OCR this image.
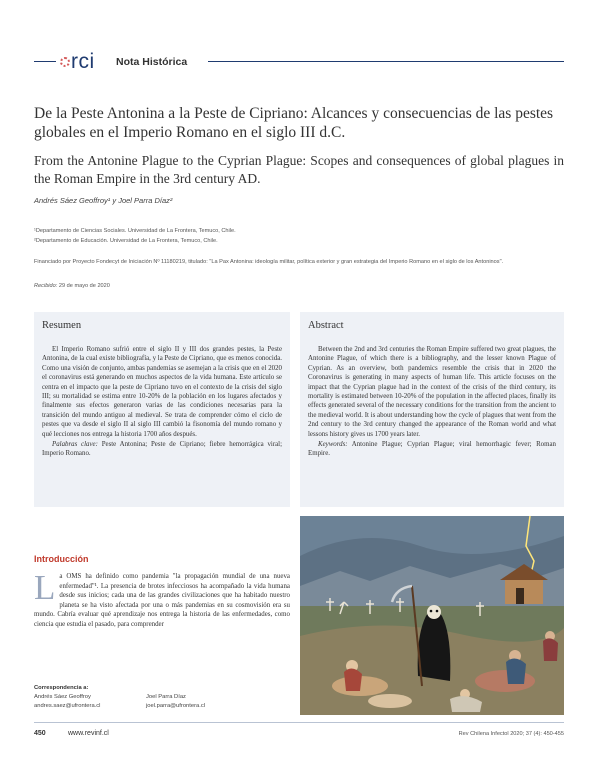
rci Nota Histórica
De la Peste Antonina a la Peste de Cipriano: Alcances y consecuencias de las pestes globales en el Imperio Romano en el siglo III d.C.
From the Antonine Plague to the Cyprian Plague: Scopes and consequences of global plagues in the Roman Empire in the 3rd century AD.
Andrés Sáez Geoffroy¹ y Joel Parra Díaz²
¹Departamento de Ciencias Sociales. Universidad de La Frontera, Temuco, Chile.
²Departamento de Educación. Universidad de La Frontera, Temuco, Chile.
Financiado por Proyecto Fondecyt de Iniciación Nº 11180219, titulado: "La Pax Antonina: ideología militar, política exterior y gran estrategia del Imperio Romano en el siglo de los Antoninos".
Recibido: 29 de mayo de 2020
Resumen

El Imperio Romano sufrió entre el siglo II y III dos grandes pestes, la Peste Antonina, de la cual existe bibliografía, y la Peste de Cipriano, que es menos conocida. Como una visión de conjunto, ambas pandemias se asemejan a la crisis que en el 2020 el coronavirus está generando en muchos aspectos de la vida humana. Este artículo se centra en el impacto que la peste de Cipriano tuvo en el contexto de la crisis del siglo III; su mortalidad se estima entre 10-20% de la población en los lugares afectados y finalmente sus efectos generaron varias de las condiciones necesarias para la transición del mundo antiguo al medieval. Se trata de comprender cómo el ciclo de pestes que va desde el siglo II al siglo III cambió la fisonomía del mundo romano y qué lecciones nos entrega la historia 1700 años después.

Palabras clave: Peste Antonina; Peste de Cipriano; fiebre hemorrágica viral; Imperio Romano.

Abstract

Between the 2nd and 3rd centuries the Roman Empire suffered two great plagues, the Antonine Plague, of which there is a bibliography, and the lesser known Plague of Cyprian. As an overview, both pandemics resemble the crisis that in 2020 the Coronavirus is generating in many aspects of human life. This article focuses on the impact that the Cyprian plague had in the context of the crisis of the third century, its mortality is estimated between 10-20% of the population in the affected places, finally its effects generated several of the necessary conditions for the transition from the ancient to the medieval world. It is about understanding how the cycle of plagues that went from the 2nd century to the 3rd century changed the appearance of the Roman world and what lessons history gives us 1700 years later.

Keywords: Antonine Plague; Cyprian Plague; viral hemorrhagic fever; Roman Empire.

Introducción
La OMS ha definido como pandemia "la propagación mundial de una nueva enfermedad"¹. La presencia de brotes infecciosos ha acompañado la vida humana desde sus inicios; cada una de las grandes civilizaciones que ha habitado nuestro planeta se ha visto afectada por una o más pandemias en su cosmovisión era su mundo. Cabría evaluar qué aprendizaje nos entrega la historia de las enfermedades, como ciencia que estudia el pasado, para comprender
Correspondencia a:
Andrés Sáez Geoffroy
andres.saez@ufrontera.cl
Joel Parra Díaz
joel.parra@ufrontera.cl
450	www.revinf.cl	Rev Chilena Infectol 2020; 37 (4): 450-455
